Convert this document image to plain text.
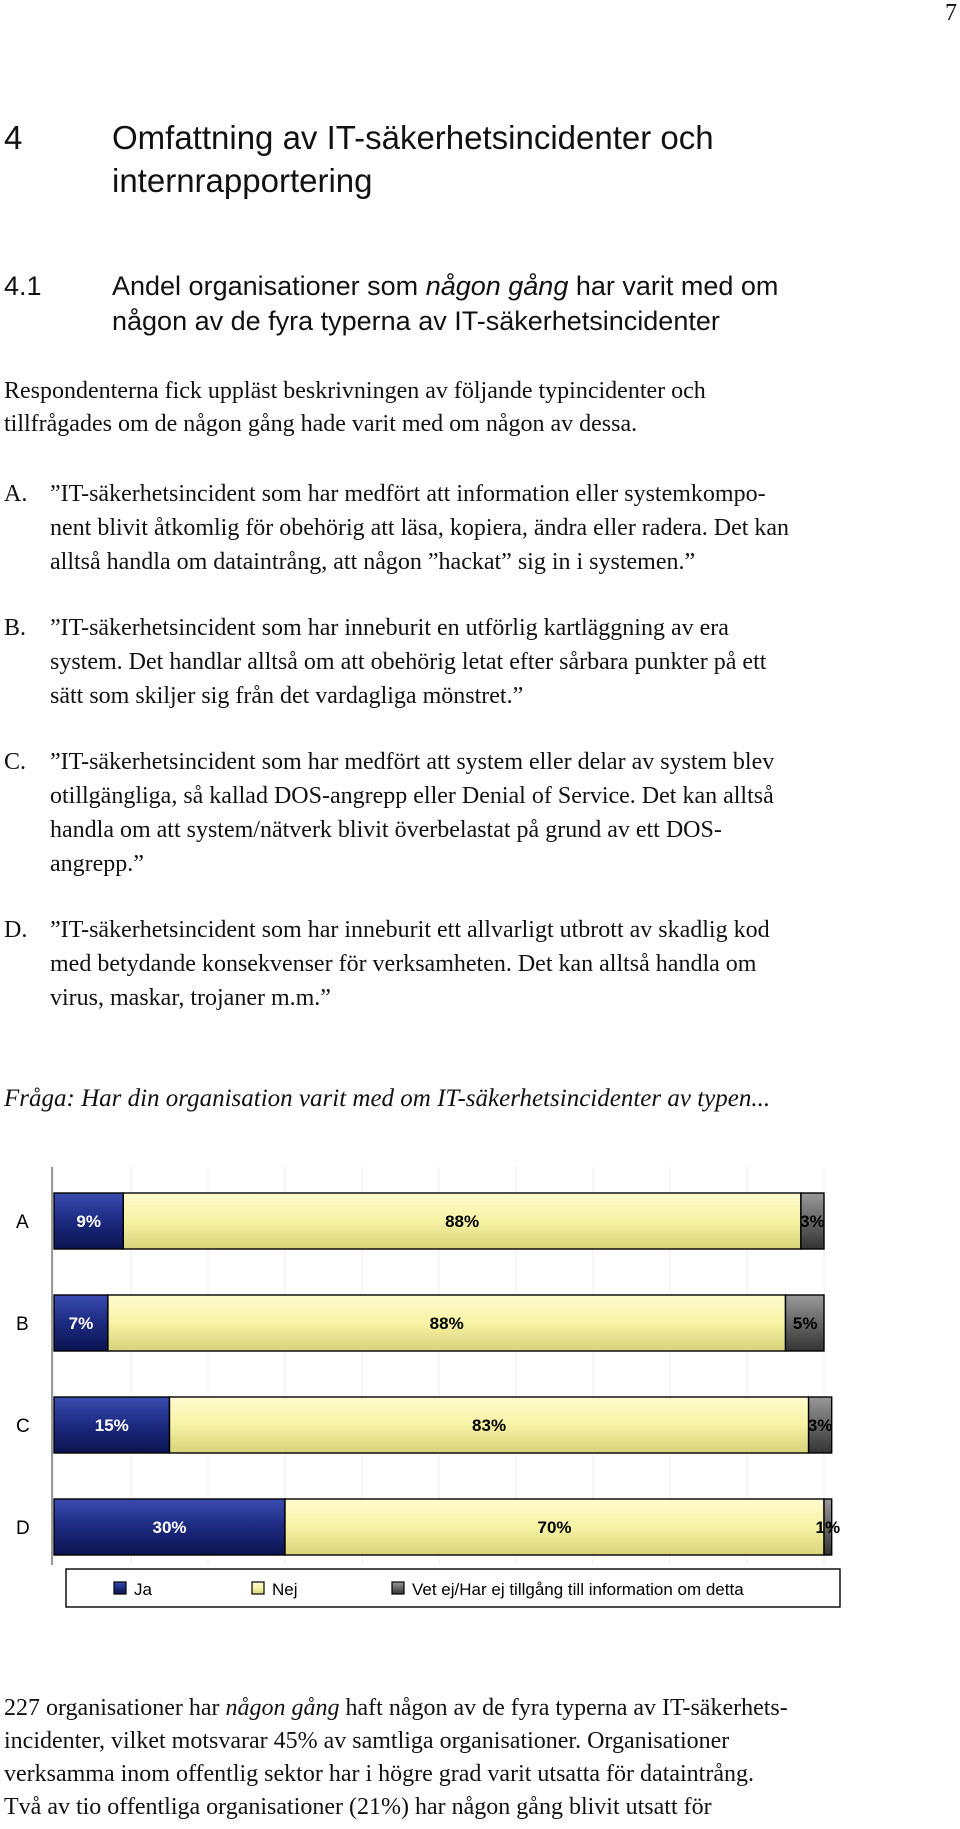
7
4	Omfattning av IT-säkerhetsincidenter och
internrapportering
4.1	Andel organisationer som någon gång har varit med om
någon av de fyra typerna av IT-säkerhetsincidenter
Respondenterna fick uppläst beskrivningen av följande typincidenter och
tillfrågades om de någon gång hade varit med om någon av dessa.
A. ”IT-säkerhetsincident som har medfört att information eller systemkompo-
nent blivit åtkomlig för obehörig att läsa, kopiera, ändra eller radera. Det kan
alltså handla om dataintrång, att någon ”hackat” sig in i systemen.”
B. ”IT-säkerhetsincident som har inneburit en utförlig kartläggning av era
system. Det handlar alltså om att obehörig letat efter sårbara punkter på ett
sätt som skiljer sig från det vardagliga mönstret.”
C. ”IT-säkerhetsincident som har medfört att system eller delar av system blev
otillgängliga, så kallad DOS-angrepp eller Denial of Service. Det kan alltså
handla om att system/nätverk blivit överbelastat på grund av ett DOS-
angrepp.”
D. ”IT-säkerhetsincident som har inneburit ett allvarligt utbrott av skadlig kod
med betydande konsekvenser för verksamheten. Det kan alltså handla om
virus, maskar, trojaner m.m.”
Fråga: Har din organisation varit med om IT-säkerhetsincidenter av typen...
A	9%	88%	3%
B 7%	88%	5%
C	15%	83%	3%
D	30%	70%	1%
Ja	Nej	Vet ej/Har ej tillgång till information om detta
227 organisationer har någon gång haft någon av de fyra typerna av IT-säkerhets-
incidenter, vilket motsvarar 45% av samtliga organisationer. Organisationer
verksamma inom offentlig sektor har i högre grad varit utsatta för dataintrång.
Två av tio offentliga organisationer (21%) har någon gång blivit utsatt för
